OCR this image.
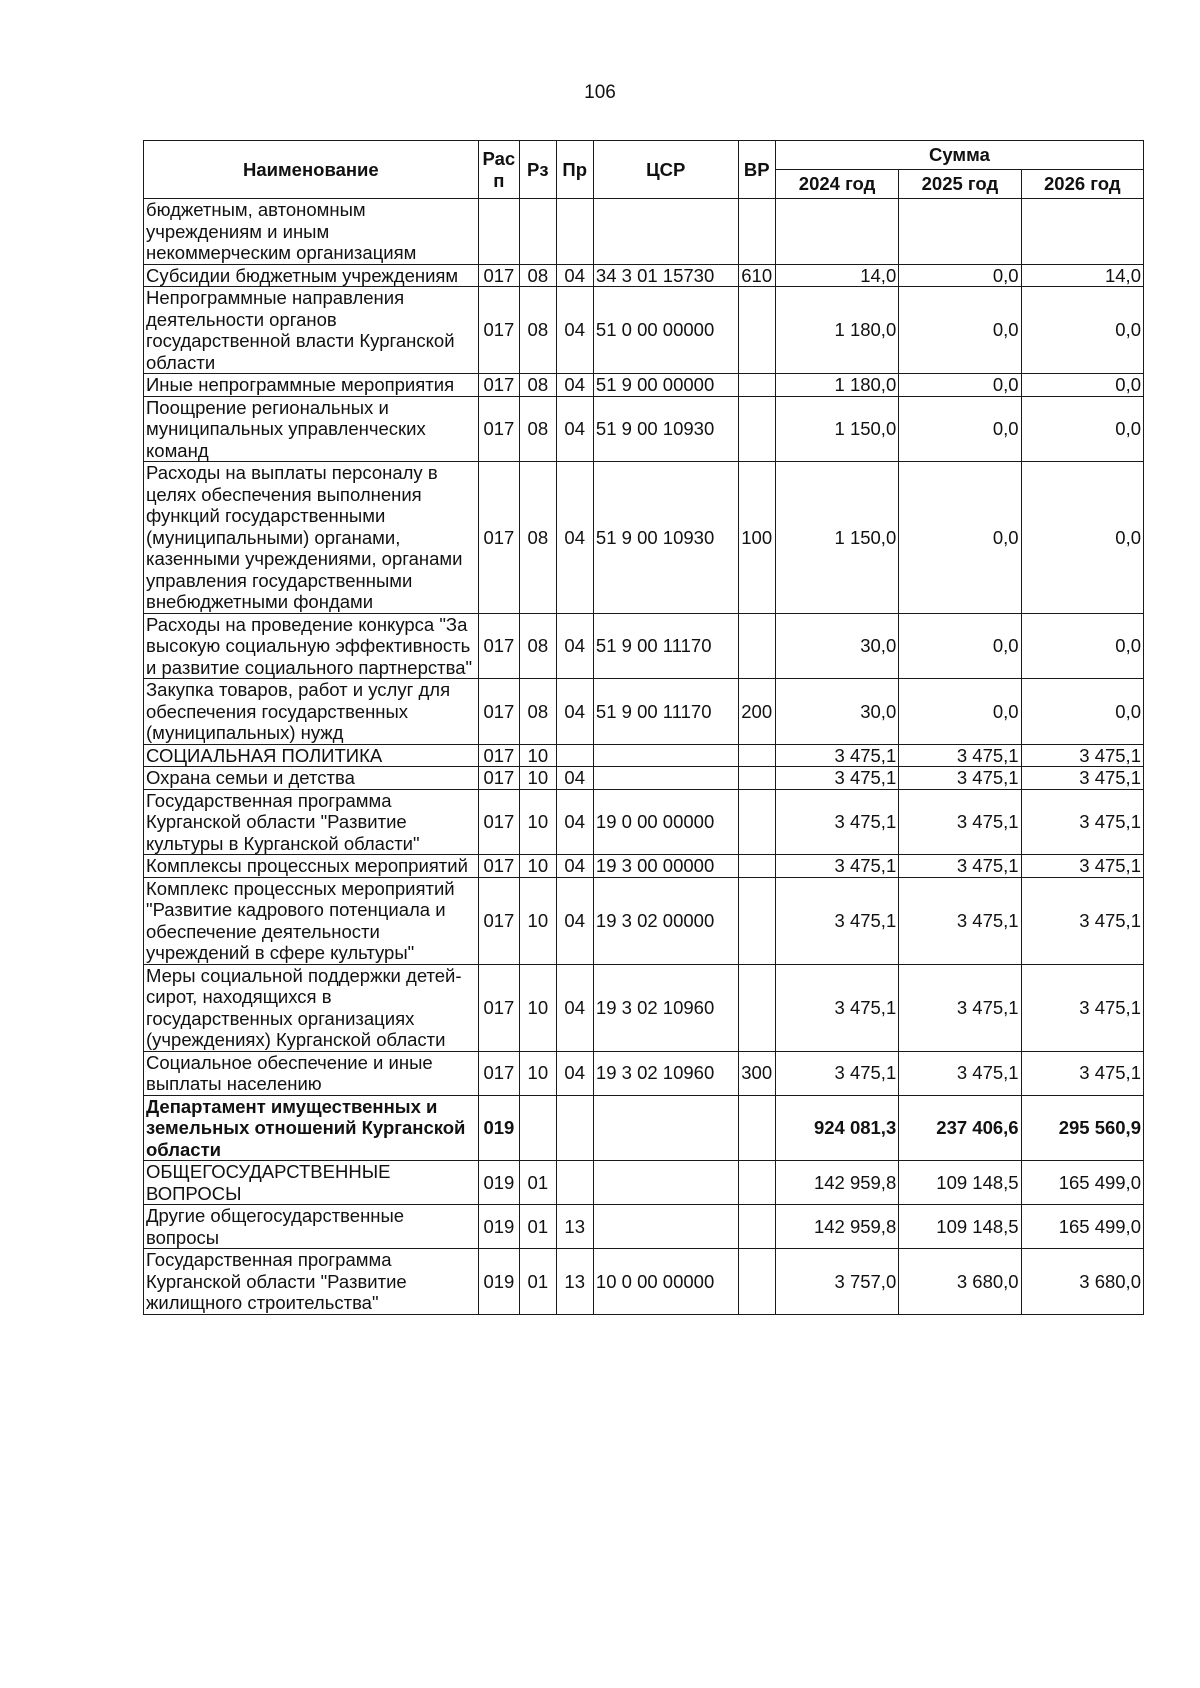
106
Наименование	Рас п	Рз	Пр	ЦСР	ВР	Сумма		
						2024 год	2025 год	2026 год
бюджетным, автономным учреждениям и иным некоммерческим организациям								
Субсидии бюджетным учреждениям	017	08	04	34 3 01 15730	610	14,0	0,0	14,0
Непрограммные направления деятельности органов государственной власти Курганской области	017	08	04	51 0 00 00000		1 180,0	0,0	0,0
Иные непрограммные мероприятия	017	08	04	51 9 00 00000		1 180,0	0,0	0,0
Поощрение региональных и муниципальных управленческих команд	017	08	04	51 9 00 10930		1 150,0	0,0	0,0
Расходы на выплаты персоналу в целях обеспечения выполнения функций государственными (муниципальными) органами, казенными учреждениями, органами управления государственными внебюджетными фондами	017	08	04	51 9 00 10930	100	1 150,0	0,0	0,0
Расходы на проведение конкурса "За высокую социальную эффективность и развитие социального партнерства"	017	08	04	51 9 00 11170		30,0	0,0	0,0
Закупка товаров, работ и услуг для обеспечения государственных (муниципальных) нужд	017	08	04	51 9 00 11170	200	30,0	0,0	0,0
СОЦИАЛЬНАЯ ПОЛИТИКА	017	10				3 475,1	3 475,1	3 475,1
Охрана семьи и детства	017	10	04			3 475,1	3 475,1	3 475,1
Государственная программа Курганской области "Развитие культуры в Курганской области"	017	10	04	19 0 00 00000		3 475,1	3 475,1	3 475,1
Комплексы процессных мероприятий	017	10	04	19 3 00 00000		3 475,1	3 475,1	3 475,1
Комплекс процессных мероприятий "Развитие кадрового потенциала и обеспечение деятельности учреждений в сфере культуры"	017	10	04	19 3 02 00000		3 475,1	3 475,1	3 475,1
Меры социальной поддержки детей-сирот, находящихся в государственных организациях (учреждениях) Курганской области	017	10	04	19 3 02 10960		3 475,1	3 475,1	3 475,1
Социальное обеспечение и иные выплаты населению	017	10	04	19 3 02 10960	300	3 475,1	3 475,1	3 475,1
Департамент имущественных и земельных отношений Курганской области	019					924 081,3	237 406,6	295 560,9
ОБЩЕГОСУДАРСТВЕННЫЕ ВОПРОСЫ	019	01				142 959,8	109 148,5	165 499,0
Другие общегосударственные вопросы	019	01	13			142 959,8	109 148,5	165 499,0
Государственная программа Курганской области "Развитие жилищного строительства"	019	01	13	10 0 00 00000		3 757,0	3 680,0	3 680,0
